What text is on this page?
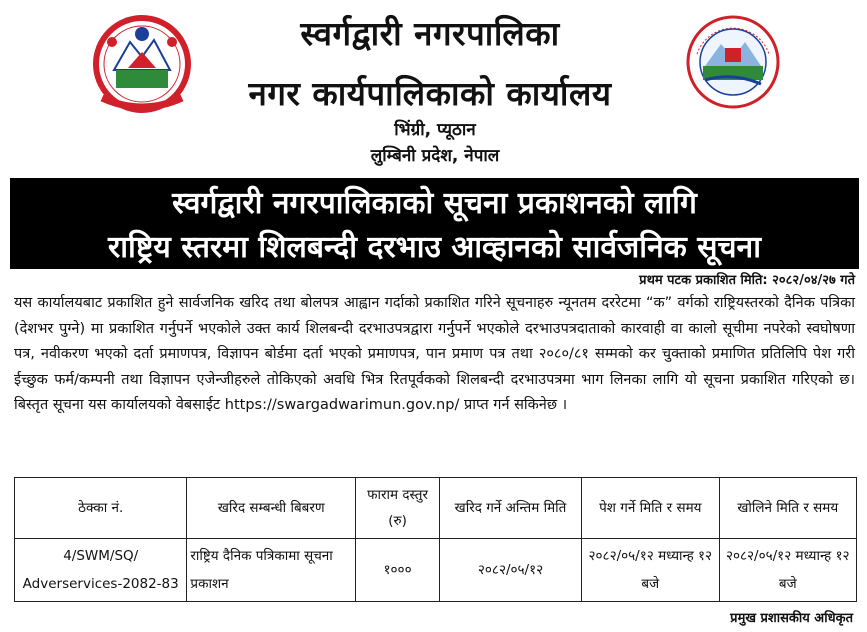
स्वर्गद्वारी नगरपालिका
नगर कार्यपालिकाको कार्यालय
भिंग्री, प्यूठान
लुम्बिनी प्रदेश, नेपाल
स्वर्गद्वारी नगरपालिकाको सूचना प्रकाशनको लागि
राष्ट्रिय स्तरमा शिलबन्दी दरभाउ आव्हानको सार्वजनिक सूचना
प्रथम पटक प्रकाशित मिति: २०८२/०४/२७ गते
यस कार्यालयबाट प्रकाशित हुने सार्वजनिक खरिद तथा बोलपत्र आह्वान गर्दाको प्रकाशित गरिने सूचनाहरु न्यूनतम दररेटमा “क” वर्गको राष्ट्रियस्तरको दैनिक पत्रिका (देशभर पुग्ने) मा प्रकाशित गर्नुपर्ने भएकोले उक्त कार्य शिलबन्दी दरभाउपत्रद्वारा गर्नुपर्ने भएकोले दरभाउपत्रदाताको कारवाही वा कालो सूचीमा नपरेको स्वघोषणा पत्र, नवीकरण भएको दर्ता प्रमाणपत्र, विज्ञापन बोर्डमा दर्ता भएको प्रमाणपत्र, पान प्रमाण पत्र तथा २०८०/८१ सम्मको कर चुक्ताको प्रमाणित प्रतिलिपि पेश गरी ईच्छुक फर्म/कम्पनी तथा विज्ञापन एजेन्जीहरुले तोकिएको अवधि भित्र रितपूर्वकको शिलबन्दी दरभाउपत्रमा भाग लिनका लागि यो सूचना प्रकाशित गरिएको छ। बिस्तृत सूचना यस कार्यालयको वेबसाईट https://swargadwarimun.gov.np/ प्राप्त गर्न सकिनेछ ।
ठेक्का नं.	खरिद सम्बन्धी बिबरण	फाराम दस्तुर (रु)	खरिद गर्ने अन्तिम मिति	पेश गर्ने मिति र समय	खोलिने मिति र समय
4/SWM/SQ/ Adverservices-2082-83	राष्ट्रिय दैनिक पत्रिकामा सूचना प्रकाशन	१०००	२०८२/०५/१२	२०८२/०५/१२ मध्यान्ह १२ बजे	२०८२/०५/१२ मध्यान्ह १२ बजे
प्रमुख प्रशासकीय अधिकृत
